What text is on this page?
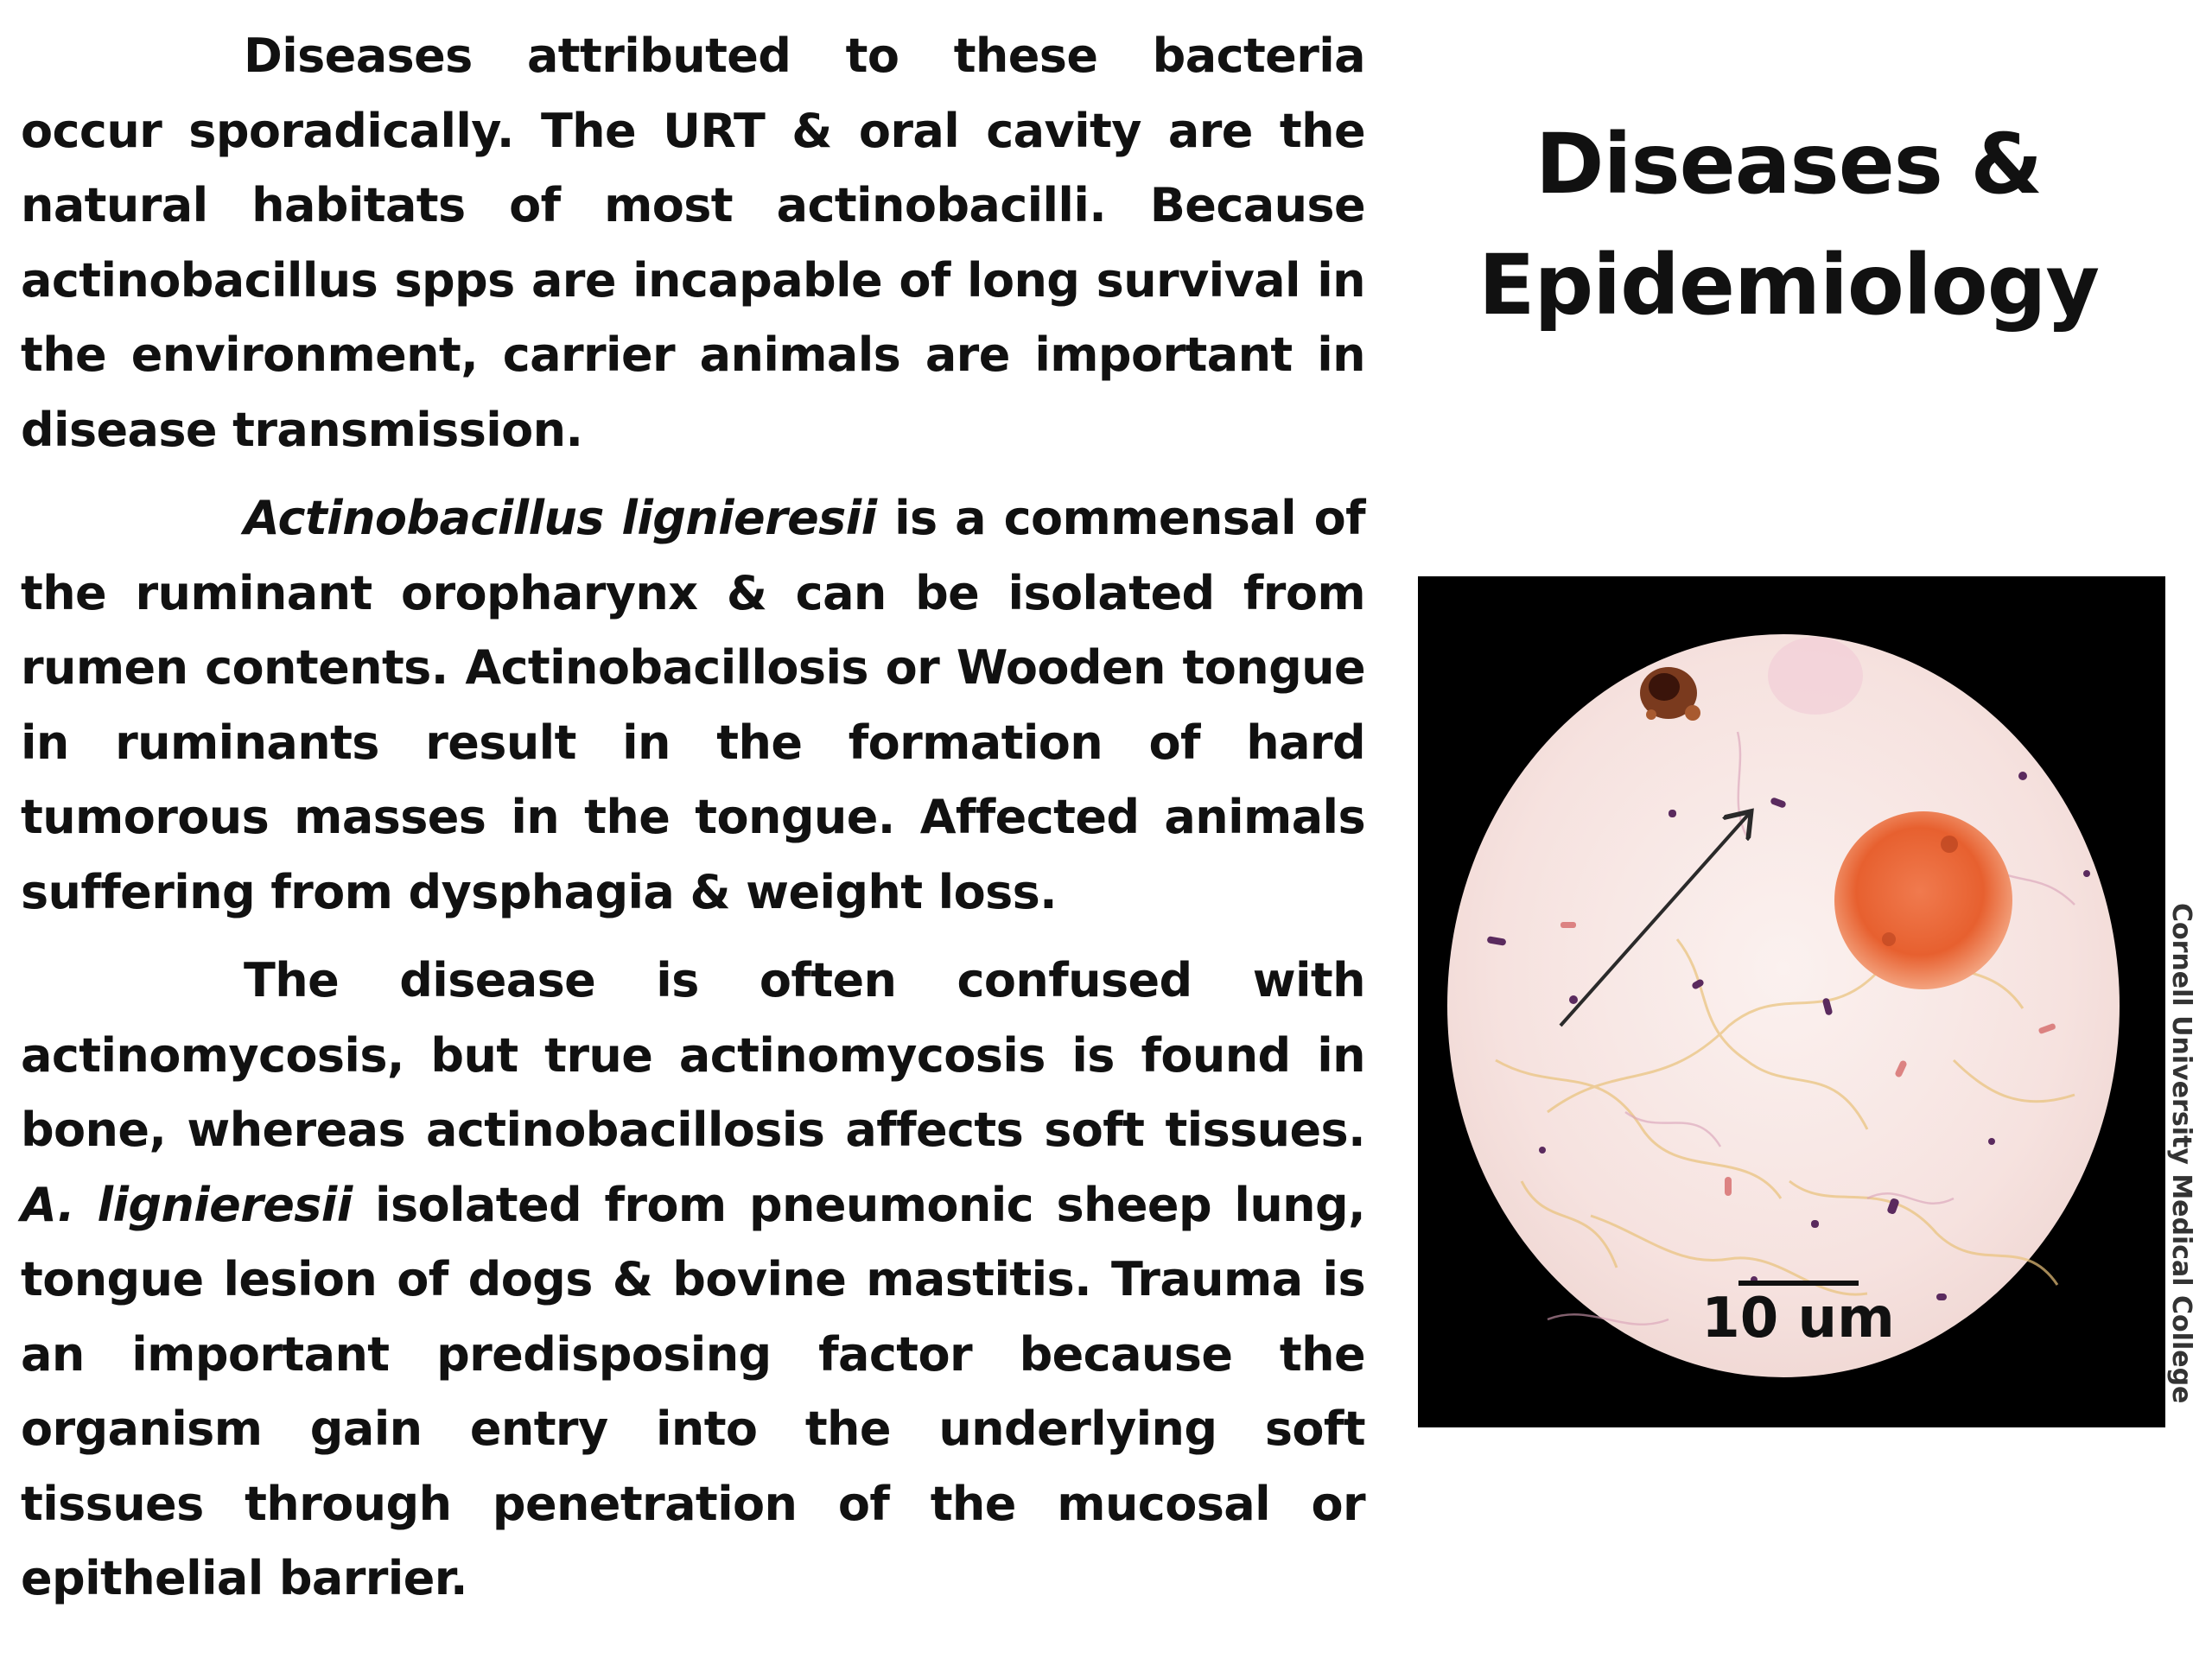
Diseases attributed to these bacteria occur sporadically. The URT & oral cavity are the natural habitats of most actinobacilli. Because actinobacillus spps are incapable of long survival in the environment, carrier animals are important in disease transmission.

Actinobacillus lignieresii is a commensal of the ruminant oropharynx & can be isolated from rumen contents. Actinobacillosis or Wooden tongue in ruminants result in the formation of hard tumorous masses in the tongue. Affected animals suffering from dysphagia & weight loss.

The disease is often confused with actinomycosis, but true actinomycosis is found in bone, whereas actinobacillosis affects soft tissues. A. lignieresii isolated from pneumonic sheep lung, tongue lesion of dogs & bovine mastitis. Trauma is an important predisposing factor because the organism gain entry into the underlying soft tissues through penetration of the mucosal or epithelial barrier.

Diseases &
Epidemiology
10 um	Cornell University Medical College
